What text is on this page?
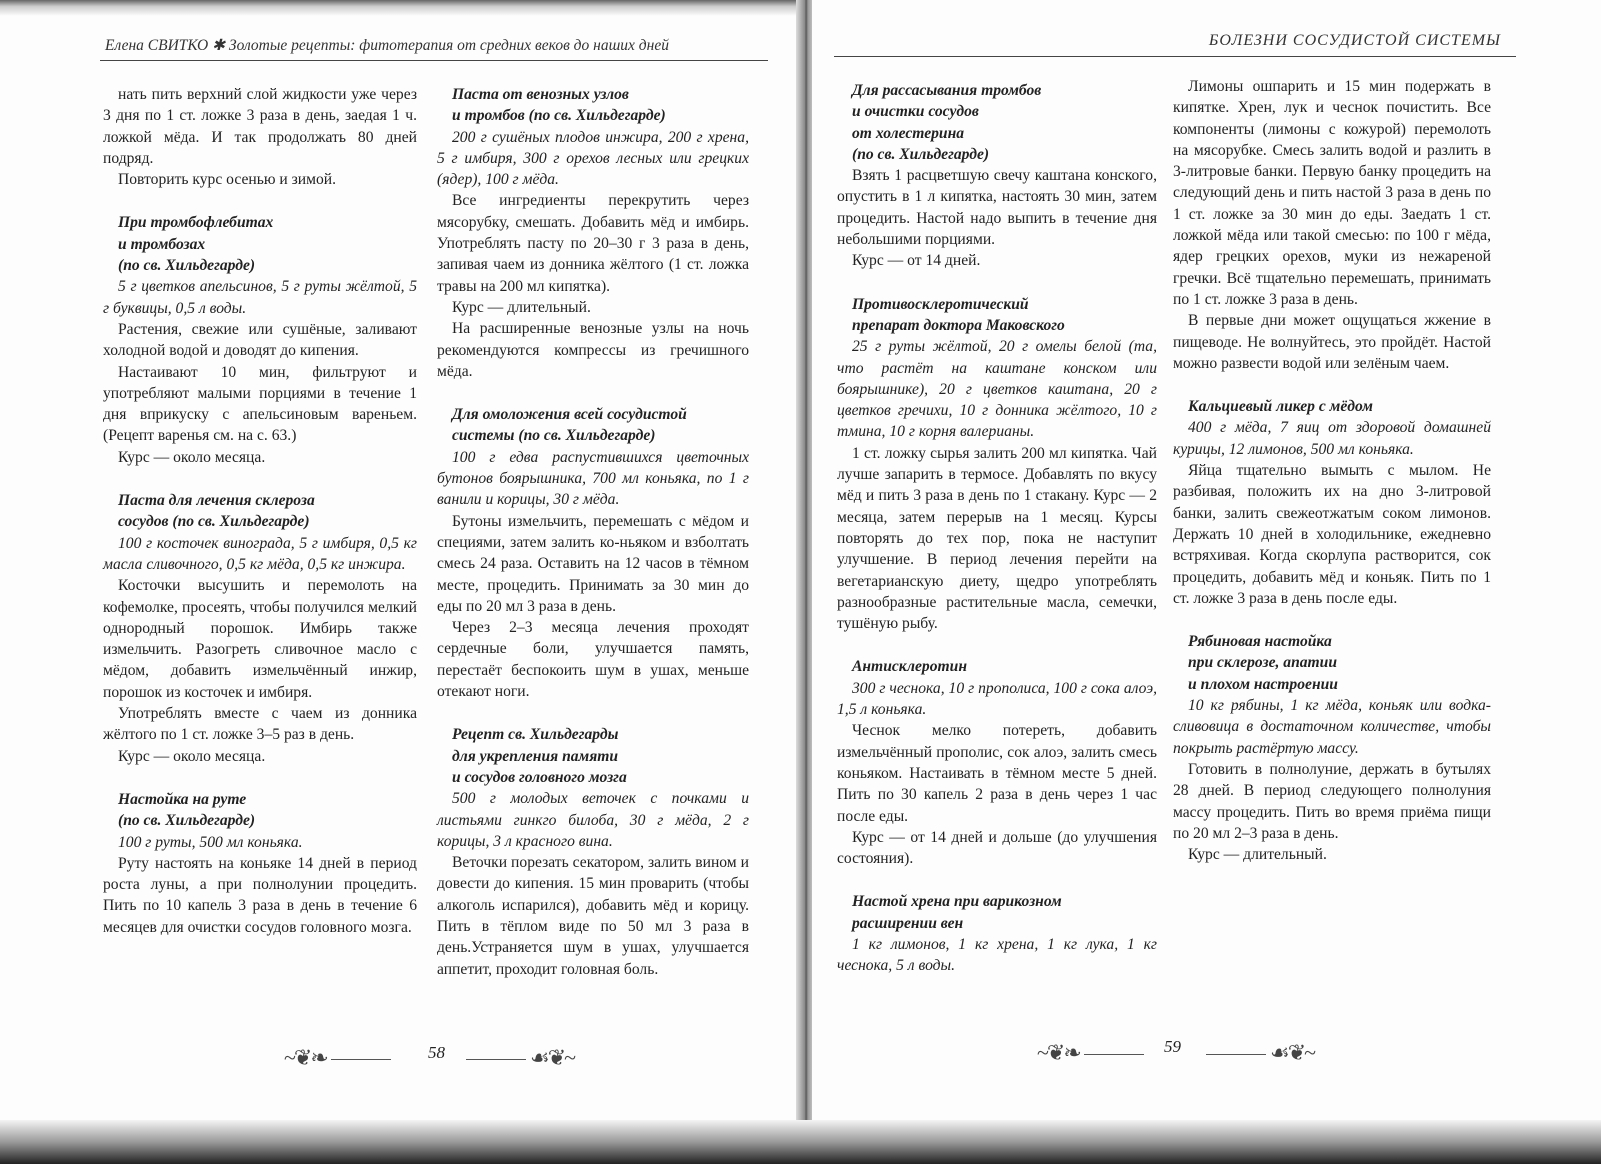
Елена СВИТКО ✱ Золотые рецепты: фитотерапия от средних веков до наших дней

нать пить верхний слой жидкости уже через 3 дня по 1 ст. ложке 3 раза в день, заедая 1 ч. ложкой мёда. И так продолжать 80 дней подряд.

Повторить курс осенью и зимой.

При тромбофлебитах
и тромбозах
(по св. Хильдегарде)

5 г цветков апельсинов, 5 г руты жёлтой, 5 г буквицы, 0,5 л воды.

Растения, свежие или сушёные, заливают холодной водой и доводят до кипения.

Настаивают 10 мин, фильтруют и употребляют малыми порциями в течение 1 дня вприкуску с апельсиновым вареньем. (Рецепт варенья см. на с. 63.)

Курс — около месяца.

Паста для лечения склероза
сосудов (по св. Хильдегарде)

100 г косточек винограда, 5 г имбиря, 0,5 кг масла сливочного, 0,5 кг мёда, 0,5 кг инжира.

Косточки высушить и перемолоть на кофемолке, просеять, чтобы получился мелкий однородный порошок. Имбирь также измельчить. Разогреть сливочное масло с мёдом, добавить измельчённый инжир, порошок из косточек и имбиря.

Употреблять вместе с чаем из донника жёлтого по 1 ст. ложке 3–5 раз в день.

Курс — около месяца.

Настойка на руте
(по св. Хильдегарде)

100 г руты, 500 мл коньяка.

Руту настоять на коньяке 14 дней в период роста луны, а при полнолунии процедить. Пить по 10 капель 3 раза в день в течение 6 месяцев для очистки сосудов головного мозга.

Паста от венозных узлов
и тромбов (по св. Хильдегарде)

200 г сушёных плодов инжира, 200 г хрена, 5 г имбиря, 300 г орехов лесных или грецких (ядер), 100 г мёда.

Все ингредиенты перекрутить через мясорубку, смешать. Добавить мёд и имбирь. Употреблять пасту по 20–30 г 3 раза в день, запивая чаем из донника жёлтого (1 ст. ложка травы на 200 мл кипятка).

Курс — длительный.

На расширенные венозные узлы на ночь рекомендуются компрессы из гречишного мёда.

Для омоложения всей сосудистой
системы (по св. Хильдегарде)

100 г едва распустившихся цветочных бутонов боярышника, 700 мл коньяка, по 1 г ванили и корицы, 30 г мёда.

Бутоны измельчить, перемешать с мёдом и специями, затем залить ко-ньяком и взболтать смесь 24 раза. Оставить на 12 часов в тёмном месте, процедить. Принимать за 30 мин до еды по 20 мл 3 раза в день.

Через 2–3 месяца лечения проходят сердечные боли, улучшается память, перестаёт беспокоить шум в ушах, меньше отекают ноги.

Рецепт св. Хильдегарды
для укрепления памяти
и сосудов головного мозга

500 г молодых веточек с почками и листьями гинкго билоба, 30 г мёда, 2 г корицы, 3 л красного вина.

Веточки порезать секатором, залить вином и довести до кипения. 15 мин проварить (чтобы алкоголь испарился), добавить мёд и корицу. Пить в тёплом виде по 50 мл 3 раза в день.Устраняется шум в ушах, улучшается аппетит, проходит головная боль.

~❦❧	58	☙❦~
БОЛЕЗНИ СОСУДИСТОЙ СИСТЕМЫ

Для рассасывания тромбов
и очистки сосудов
от холестерина
(по св. Хильдегарде)

Взять 1 расцветшую свечу каштана конского, опустить в 1 л кипятка, настоять 30 мин, затем процедить. Настой надо выпить в течение дня небольшими порциями.

Курс — от 14 дней.

Противосклеротический
препарат доктора Маковского

25 г руты жёлтой, 20 г омелы белой (та, что растёт на каштане конском или боярышнике), 20 г цветков каштана, 20 г цветков гречихи, 10 г донника жёлтого, 10 г тмина, 10 г корня валерианы.

1 ст. ложку сырья залить 200 мл кипятка. Чай лучше запарить в термосе. Добавлять по вкусу мёд и пить 3 раза в день по 1 стакану. Курс — 2 месяца, затем перерыв на 1 месяц. Курсы повторять до тех пор, пока не наступит улучшение. В период лечения перейти на вегетарианскую диету, щедро употреблять разнообразные растительные масла, семечки, тушёную рыбу.

Антисклеротин

300 г чеснока, 10 г прополиса, 100 г сока алоэ, 1,5 л коньяка.

Чеснок мелко потереть, добавить измельчённый прополис, сок алоэ, залить смесь коньяком. Настаивать в тёмном месте 5 дней. Пить по 30 капель 2 раза в день через 1 час после еды.

Курс — от 14 дней и дольше (до улучшения состояния).

Настой хрена при варикозном
расширении вен

1 кг лимонов, 1 кг хрена, 1 кг лука, 1 кг чеснока, 5 л воды.

Лимоны ошпарить и 15 мин подержать в кипятке. Хрен, лук и чеснок почистить. Все компоненты (лимоны с кожурой) перемолоть на мясорубке. Смесь залить водой и разлить в 3-литровые банки. Первую банку процедить на следующий день и пить настой 3 раза в день по 1 ст. ложке за 30 мин до еды. Заедать 1 ст. ложкой мёда или такой смесью: по 100 г мёда, ядер грецких орехов, муки из нежареной гречки. Всё тщательно перемешать, принимать по 1 ст. ложке 3 раза в день.

В первые дни может ощущаться жжение в пищеводе. Не волнуйтесь, это пройдёт. Настой можно развести водой или зелёным чаем.

Кальциевый ликер с мёдом

400 г мёда, 7 яиц от здоровой домашней курицы, 12 лимонов, 500 мл коньяка.

Яйца тщательно вымыть с мылом. Не разбивая, положить их на дно 3-литровой банки, залить свежеотжатым соком лимонов. Держать 10 дней в холодильнике, ежедневно встряхивая. Когда скорлупа растворится, сок процедить, добавить мёд и коньяк. Пить по 1 ст. ложке 3 раза в день после еды.

Рябиновая настойка
при склерозе, апатии
и плохом настроении

10 кг рябины, 1 кг мёда, коньяк или водка-сливовица в достаточном количестве, чтобы покрыть растёртую массу.

Готовить в полнолуние, держать в бутылях 28 дней. В период следующего полнолуния массу процедить. Пить во время приёма пищи по 20 мл 2–3 раза в день.

Курс — длительный.

~❦❧	59	☙❦~
